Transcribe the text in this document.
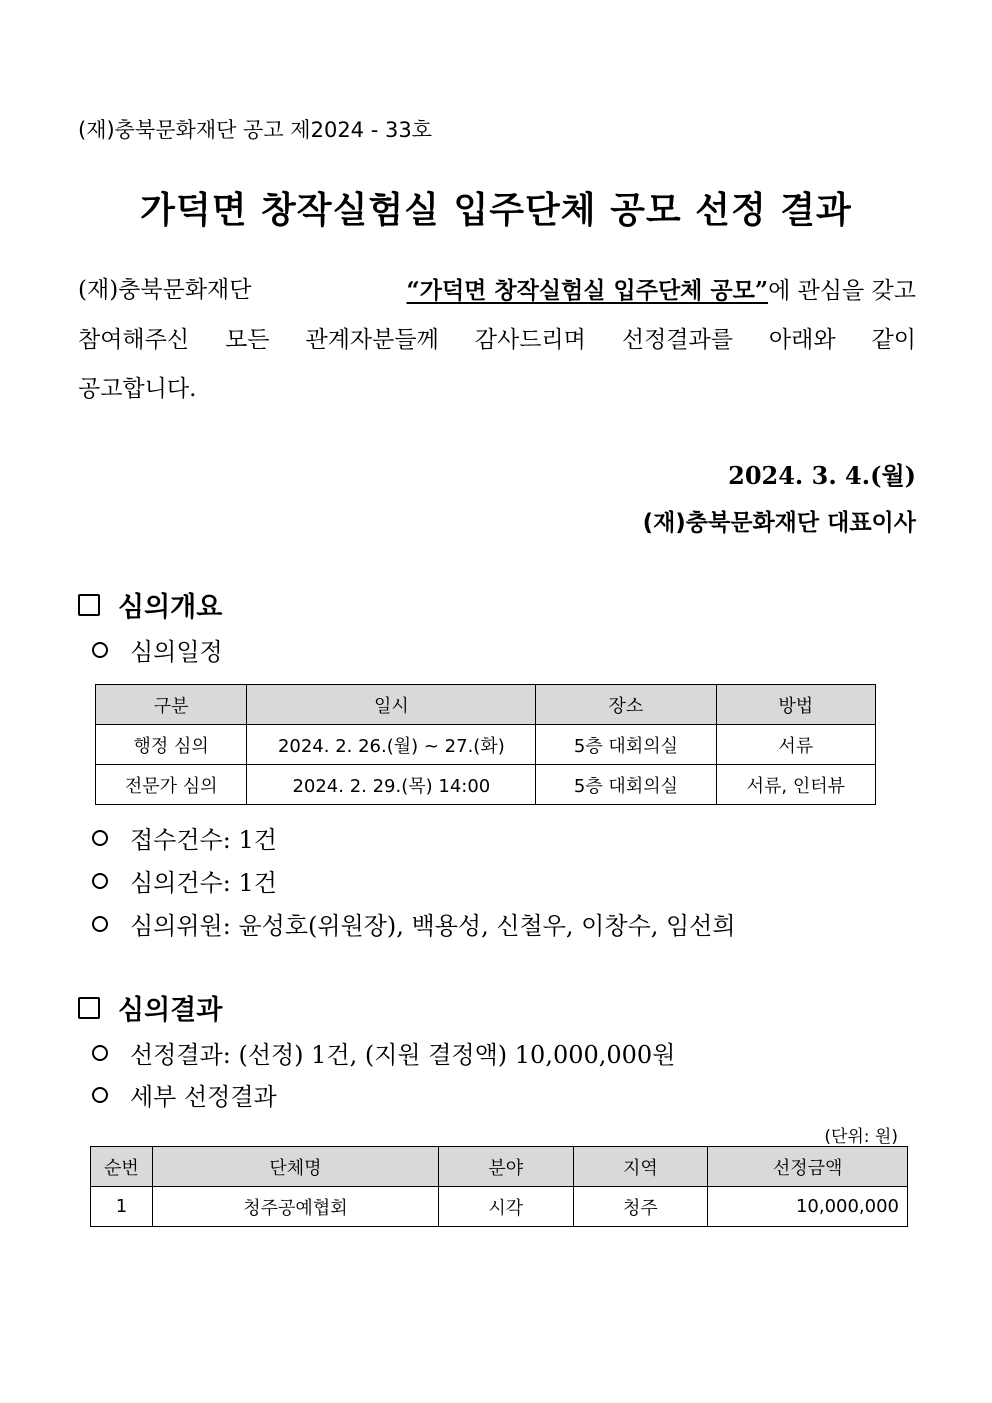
(재)충북문화재단 공고 제2024 - 33호
가덕면 창작실험실 입주단체 공모 선정 결과
(재)충북문화재단	“가덕면 창작실험실 입주단체 공모”에 관심을 갖고
참여해주신 모든 관계자분들께 감사드리며 선정결과를 아래와 같이
공고합니다.
2024. 3. 4.(월)
(재)충북문화재단 대표이사
심의개요
심의일정
구분	일시	장소	방법
행정 심의	2024. 2. 26.(월) ~ 27.(화)	5층 대회의실	서류
전문가 심의	2024. 2. 29.(목) 14:00	5층 대회의실	서류, 인터뷰
접수건수: 1건
심의건수: 1건
심의위원: 윤성호(위원장), 백용성, 신철우, 이창수, 임선희
심의결과
선정결과: (선정) 1건, (지원 결정액) 10,000,000원
세부 선정결과
(단위: 원)
순번	단체명	분야	지역	선정금액
1	청주공예협회	시각	청주	10,000,000
